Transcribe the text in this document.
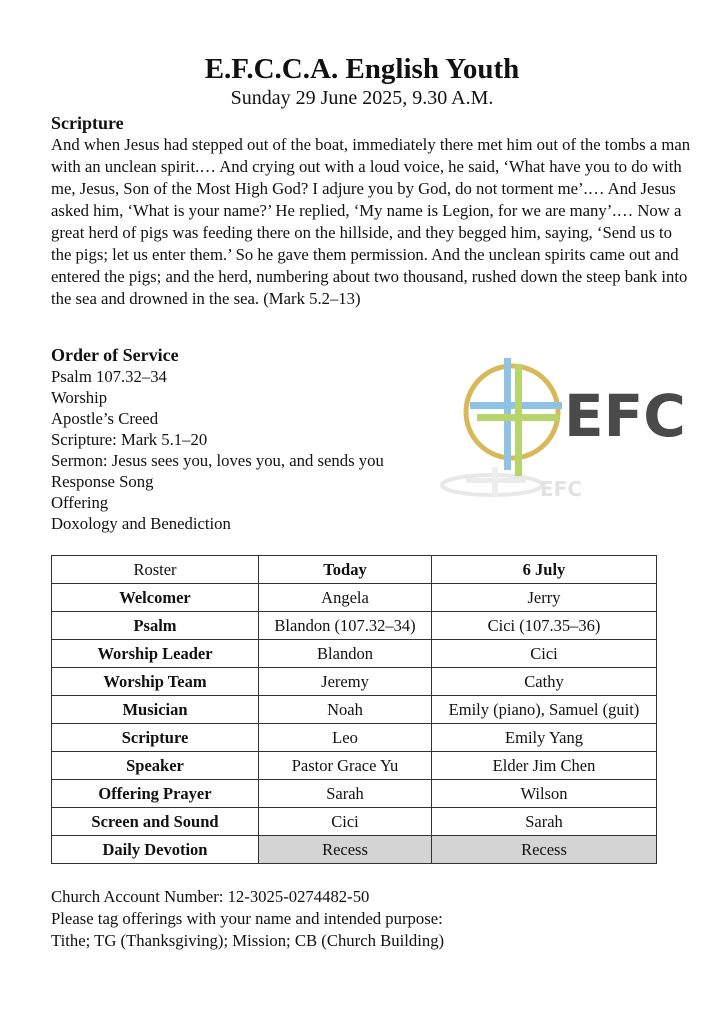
E.F.C.C.A. English Youth
Sunday 29 June 2025, 9.30 A.M.
Scripture

And when Jesus had stepped out of the boat, immediately there met him out of the tombs a man with an unclean spirit.… And crying out with a loud voice, he said, ‘What have you to do with me, Jesus, Son of the Most High God? I adjure you by God, do not torment me’.… And Jesus asked him, ‘What is your name?’ He replied, ‘My name is Legion, for we are many’.… Now a great herd of pigs was feeding there on the hillside, and they begged him, saying, ‘Send us to the pigs; let us enter them.’ So he gave them permission. And the unclean spirits came out and entered the pigs; and the herd, numbering about two thousand, rushed down the steep bank into the sea and drowned in the sea. (Mark 5.2–13)

Order of Service
Psalm 107.32–34
Worship
Apostle’s Creed
Scripture: Mark 5.1–20
Sermon: Jesus sees you, loves you, and sends you
Response Song
Offering
Doxology and Benediction
EFC
EFC
Roster	Today	6 July
Welcomer	Angela	Jerry
Psalm	Blandon (107.32–34)	Cici (107.35–36)
Worship Leader	Blandon	Cici
Worship Team	Jeremy	Cathy
Musician	Noah	Emily (piano), Samuel (guit)
Scripture	Leo	Emily Yang
Speaker	Pastor Grace Yu	Elder Jim Chen
Offering Prayer	Sarah	Wilson
Screen and Sound	Cici	Sarah
Daily Devotion	Recess	Recess

Church Account Number: 12-3025-0274482-50

Please tag offerings with your name and intended purpose:

Tithe; TG (Thanksgiving); Mission; CB (Church Building)
